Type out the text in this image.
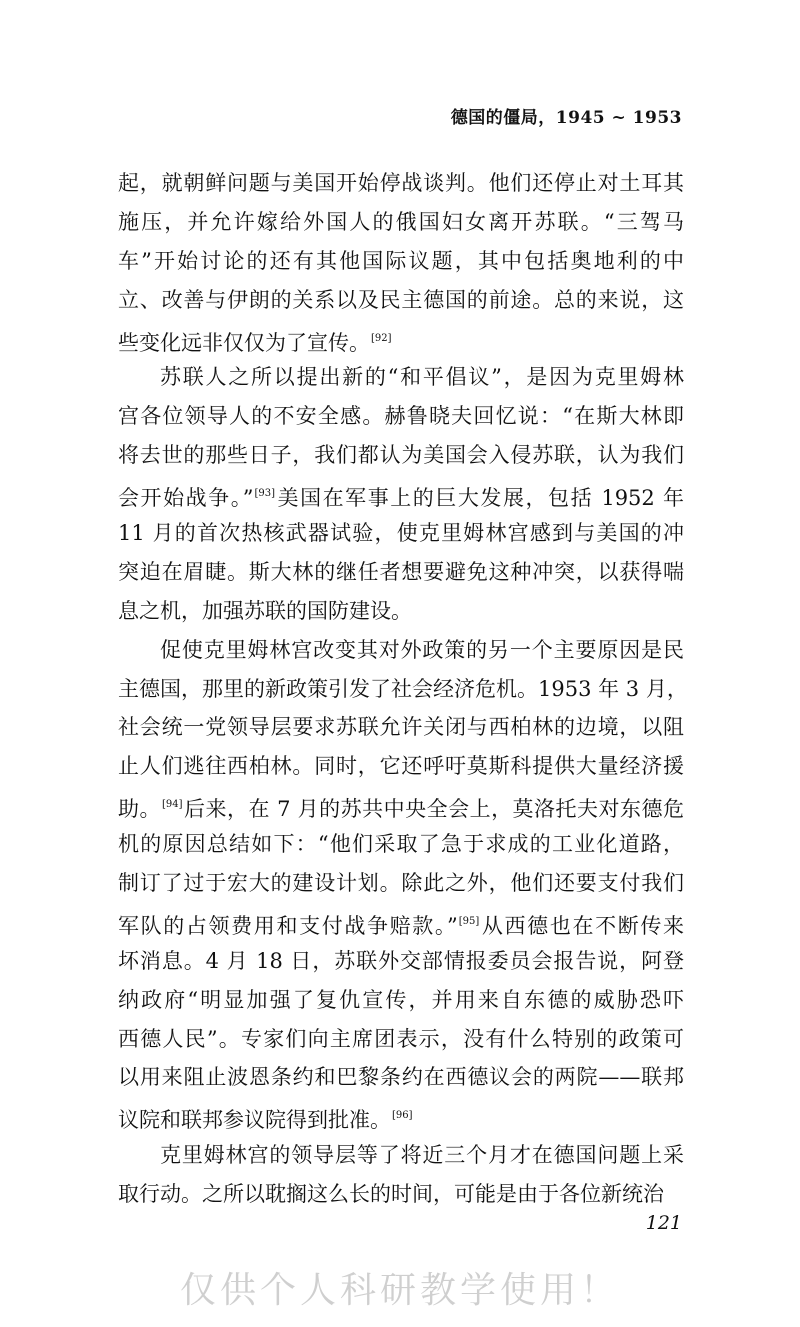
德国的僵局，1945 ~ 1953
起，就朝鲜问题与美国开始停战谈判。他们还停止对土耳其
施压，并允许嫁给外国人的俄国妇女离开苏联。“三驾马
车”开始讨论的还有其他国际议题，其中包括奥地利的中
立、改善与伊朗的关系以及民主德国的前途。总的来说，这
些变化远非仅仅为了宣传。[92]
苏联人之所以提出新的“和平倡议”，是因为克里姆林
宫各位领导人的不安全感。赫鲁晓夫回忆说：“在斯大林即
将去世的那些日子，我们都认为美国会入侵苏联，认为我们
会开始战争。”[93]美国在军事上的巨大发展，包括 1952 年
11 月的首次热核武器试验，使克里姆林宫感到与美国的冲
突迫在眉睫。斯大林的继任者想要避免这种冲突，以获得喘
息之机，加强苏联的国防建设。
促使克里姆林宫改变其对外政策的另一个主要原因是民
主德国，那里的新政策引发了社会经济危机。1953 年 3 月，
社会统一党领导层要求苏联允许关闭与西柏林的边境，以阻
止人们逃往西柏林。同时，它还呼吁莫斯科提供大量经济援
助。[94]后来，在 7 月的苏共中央全会上，莫洛托夫对东德危
机的原因总结如下：“他们采取了急于求成的工业化道路，
制订了过于宏大的建设计划。除此之外，他们还要支付我们
军队的占领费用和支付战争赔款。”[95]从西德也在不断传来
坏消息。4 月 18 日，苏联外交部情报委员会报告说，阿登
纳政府“明显加强了复仇宣传，并用来自东德的威胁恐吓
西德人民”。专家们向主席团表示，没有什么特别的政策可
以用来阻止波恩条约和巴黎条约在西德议会的两院——联邦
议院和联邦参议院得到批准。[96]
克里姆林宫的领导层等了将近三个月才在德国问题上采
取行动。之所以耽搁这么长的时间，可能是由于各位新统治
121
仅供个人科研教学使用！
